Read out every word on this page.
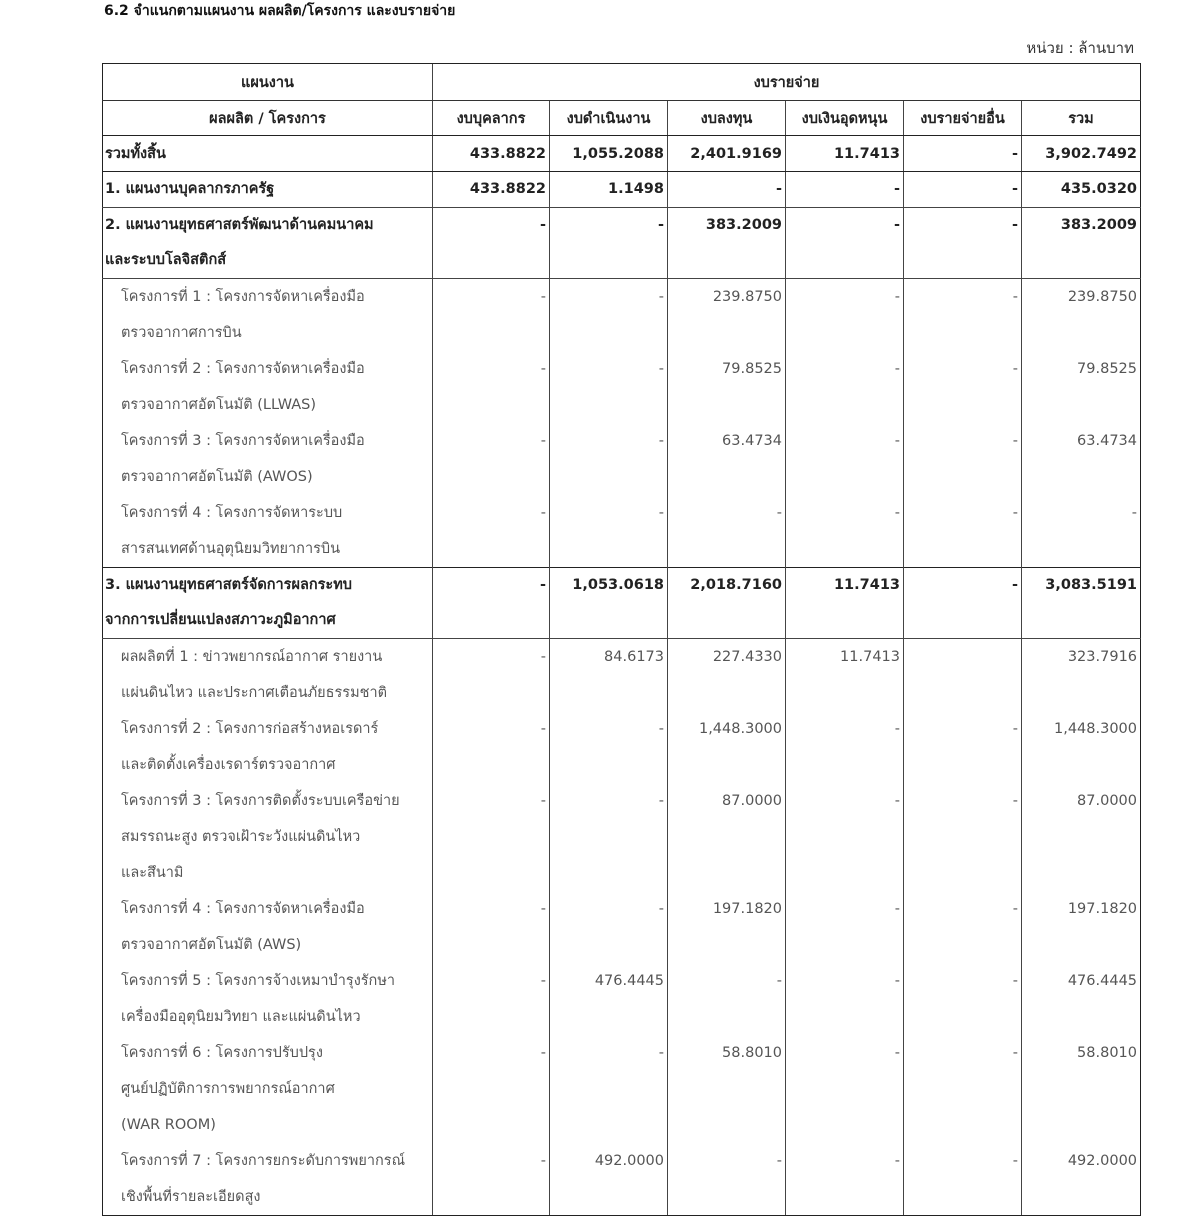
6.2 จำแนกตามแผนงาน ผลผลิต/โครงการ และงบรายจ่าย
หน่วย : ล้านบาท
แผนงาน	งบรายจ่าย					
ผลผลิต / โครงการ	งบบุคลากร	งบดำเนินงาน	งบลงทุน	งบเงินอุดหนุน	งบรายจ่ายอื่น	รวม
รวมทั้งสิ้น	433.8822	1,055.2088	2,401.9169	11.7413	-	3,902.7492

1. แผนงานบุคลากรภาครัฐ	433.8822	1.1498	-	-	-	435.0320

2. แผนงานยุทธศาสตร์พัฒนาด้านคมนาคม
และระบบโลจิสติกส์	-	-	383.2009	-	-	383.2009

โครงการที่ 1 : โครงการจัดหาเครื่องมือ
ตรวจอากาศการบิน	-	-	239.8750	-	-	239.8750

โครงการที่ 2 : โครงการจัดหาเครื่องมือ
ตรวจอากาศอัตโนมัติ (LLWAS)	-	-	79.8525	-	-	79.8525

โครงการที่ 3 : โครงการจัดหาเครื่องมือ
ตรวจอากาศอัตโนมัติ (AWOS)	-	-	63.4734	-	-	63.4734

โครงการที่ 4 : โครงการจัดหาระบบ
สารสนเทศด้านอุตุนิยมวิทยาการบิน	-	-	-	-	-	-

3. แผนงานยุทธศาสตร์จัดการผลกระทบ
จากการเปลี่ยนแปลงสภาวะภูมิอากาศ	-	1,053.0618	2,018.7160	11.7413	-	3,083.5191

ผลผลิตที่ 1 : ข่าวพยากรณ์อากาศ รายงาน
แผ่นดินไหว และประกาศเตือนภัยธรรมชาติ	-	84.6173	227.4330	11.7413		323.7916

โครงการที่ 2 : โครงการก่อสร้างหอเรดาร์
และติดตั้งเครื่องเรดาร์ตรวจอากาศ	-	-	1,448.3000	-	-	1,448.3000

โครงการที่ 3 : โครงการติดตั้งระบบเครือข่าย
สมรรถนะสูง ตรวจเฝ้าระวังแผ่นดินไหว
และสึนามิ	-	-	87.0000	-	-	87.0000

โครงการที่ 4 : โครงการจัดหาเครื่องมือ
ตรวจอากาศอัตโนมัติ (AWS)	-	-	197.1820	-	-	197.1820

โครงการที่ 5 : โครงการจ้างเหมาบำรุงรักษา
เครื่องมืออุตุนิยมวิทยา และแผ่นดินไหว	-	476.4445	-	-	-	476.4445

โครงการที่ 6 : โครงการปรับปรุง
ศูนย์ปฏิบัติการการพยากรณ์อากาศ
(WAR ROOM)	-	-	58.8010	-	-	58.8010

โครงการที่ 7 : โครงการยกระดับการพยากรณ์
เชิงพื้นที่รายละเอียดสูง	-	492.0000	-	-	-	492.0000
